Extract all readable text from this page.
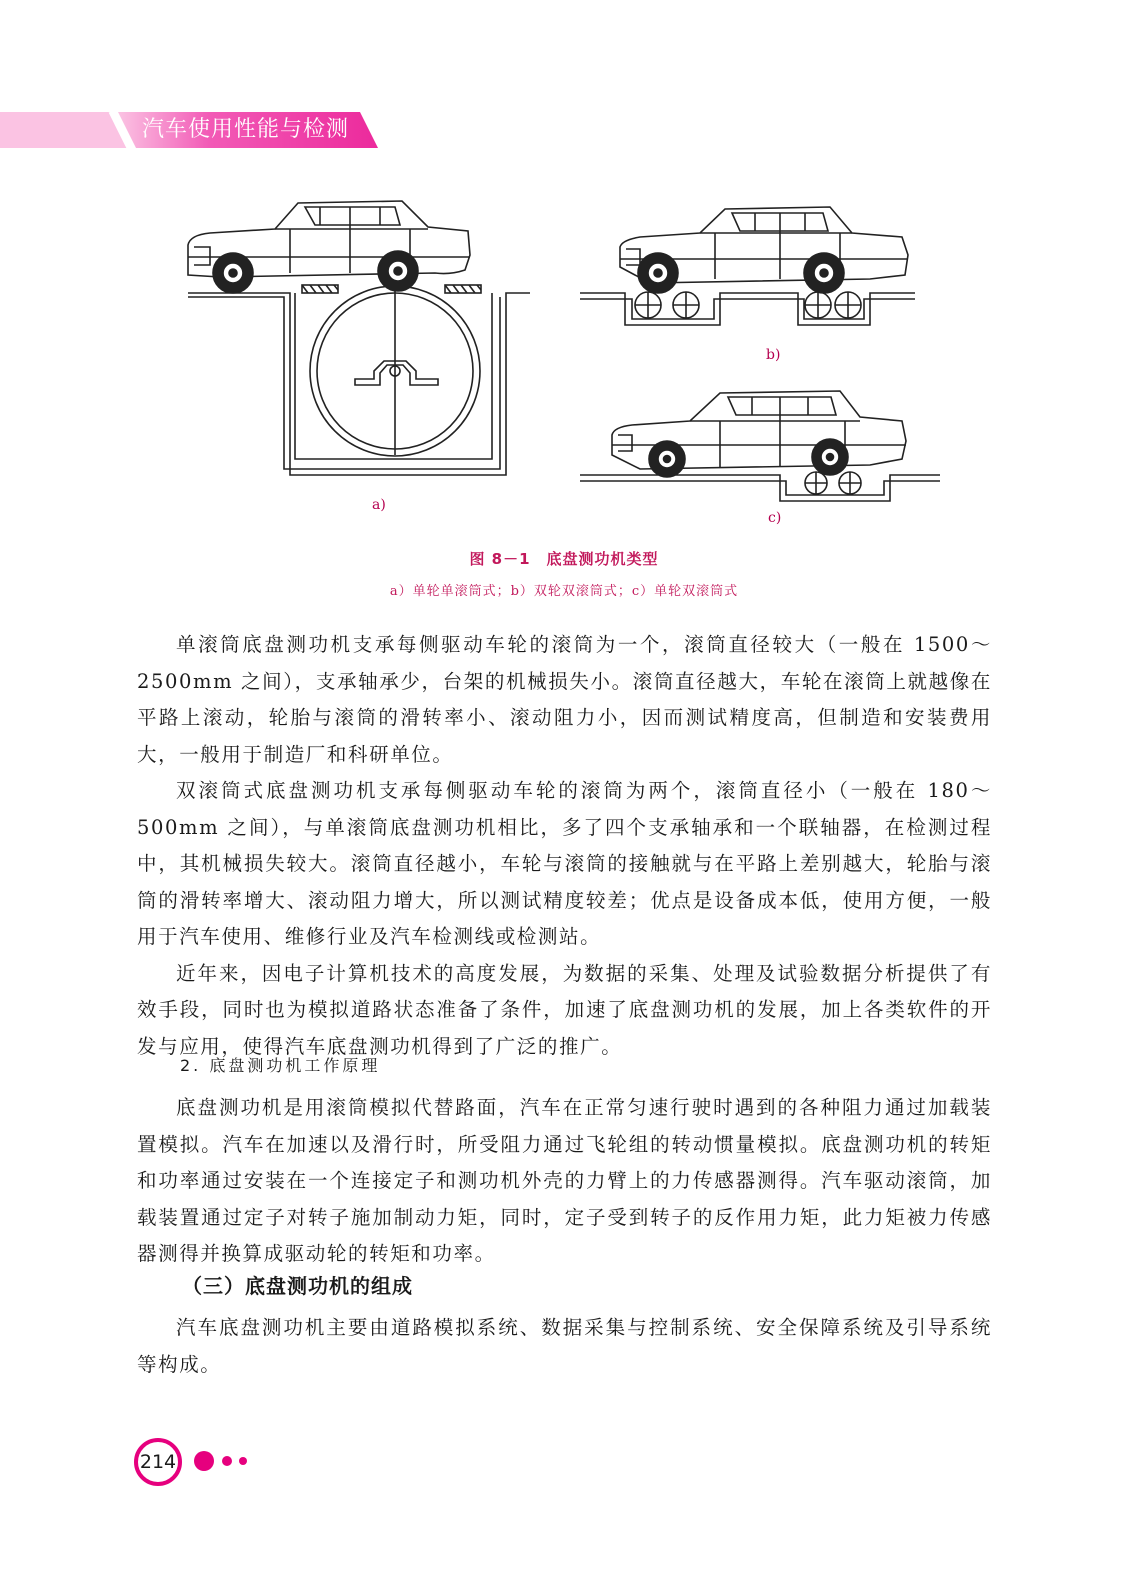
汽车使用性能与检测
a)
b)
c)
图 8－1　底盘测功机类型
a）单轮单滚筒式；b）双轮双滚筒式；c）单轮双滚筒式

单滚筒底盘测功机支承每侧驱动车轮的滚筒为一个，滚筒直径较大（一般在 1500～2500mm 之间），支承轴承少，台架的机械损失小。滚筒直径越大，车轮在滚筒上就越像在平路上滚动，轮胎与滚筒的滑转率小、滚动阻力小，因而测试精度高，但制造和安装费用大，一般用于制造厂和科研单位。

双滚筒式底盘测功机支承每侧驱动车轮的滚筒为两个，滚筒直径小（一般在 180～500mm 之间），与单滚筒底盘测功机相比，多了四个支承轴承和一个联轴器，在检测过程中，其机械损失较大。滚筒直径越小，车轮与滚筒的接触就与在平路上差别越大，轮胎与滚筒的滑转率增大、滚动阻力增大，所以测试精度较差；优点是设备成本低，使用方便，一般用于汽车使用、维修行业及汽车检测线或检测站。

近年来，因电子计算机技术的高度发展，为数据的采集、处理及试验数据分析提供了有效手段，同时也为模拟道路状态准备了条件，加速了底盘测功机的发展，加上各类软件的开发与应用，使得汽车底盘测功机得到了广泛的推广。

2. 底盘测功机工作原理

底盘测功机是用滚筒模拟代替路面，汽车在正常匀速行驶时遇到的各种阻力通过加载装置模拟。汽车在加速以及滑行时，所受阻力通过飞轮组的转动惯量模拟。底盘测功机的转矩和功率通过安装在一个连接定子和测功机外壳的力臂上的力传感器测得。汽车驱动滚筒，加载装置通过定子对转子施加制动力矩，同时，定子受到转子的反作用力矩，此力矩被力传感器测得并换算成驱动轮的转矩和功率。

（三）底盘测功机的组成

汽车底盘测功机主要由道路模拟系统、数据采集与控制系统、安全保障系统及引导系统等构成。

214
